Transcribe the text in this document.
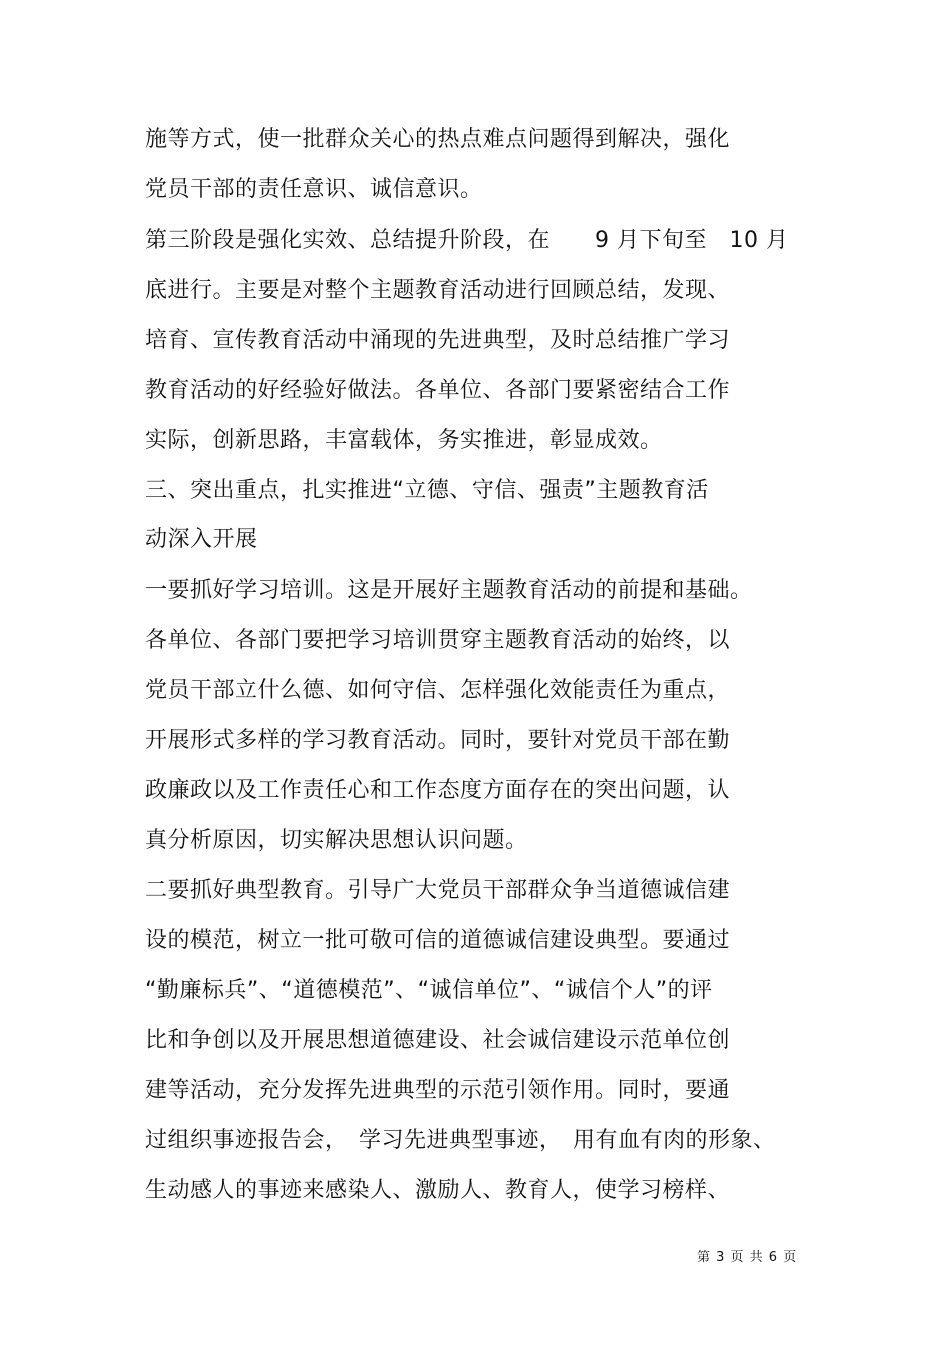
施等方式，使一批群众关心的热点难点问题得到解决，强化
党员干部的责任意识、诚信意识。
第三阶段是强化实效、总结提升阶段，在　　9 月下旬至　10 月
底进行。主要是对整个主题教育活动进行回顾总结，发现、
培育、宣传教育活动中涌现的先进典型，及时总结推广学习
教育活动的好经验好做法。各单位、各部门要紧密结合工作
实际，创新思路，丰富载体，务实推进，彰显成效。
三、突出重点，扎实推进“立德、守信、强责”主题教育活
动深入开展
一要抓好学习培训。这是开展好主题教育活动的前提和基础。
各单位、各部门要把学习培训贯穿主题教育活动的始终，以
党员干部立什么德、如何守信、怎样强化效能责任为重点，
开展形式多样的学习教育活动。同时，要针对党员干部在勤
政廉政以及工作责任心和工作态度方面存在的突出问题，认
真分析原因，切实解决思想认识问题。
二要抓好典型教育。引导广大党员干部群众争当道德诚信建
设的模范，树立一批可敬可信的道德诚信建设典型。要通过
“勤廉标兵”、“道德模范”、“诚信单位”、“诚信个人”的评
比和争创以及开展思想道德建设、社会诚信建设示范单位创
建等活动，充分发挥先进典型的示范引领作用。同时，要通
过组织事迹报告会，　学习先进典型事迹，　用有血有肉的形象、
生动感人的事迹来感染人、激励人、教育人，使学习榜样、
第 3 页 共 6 页
